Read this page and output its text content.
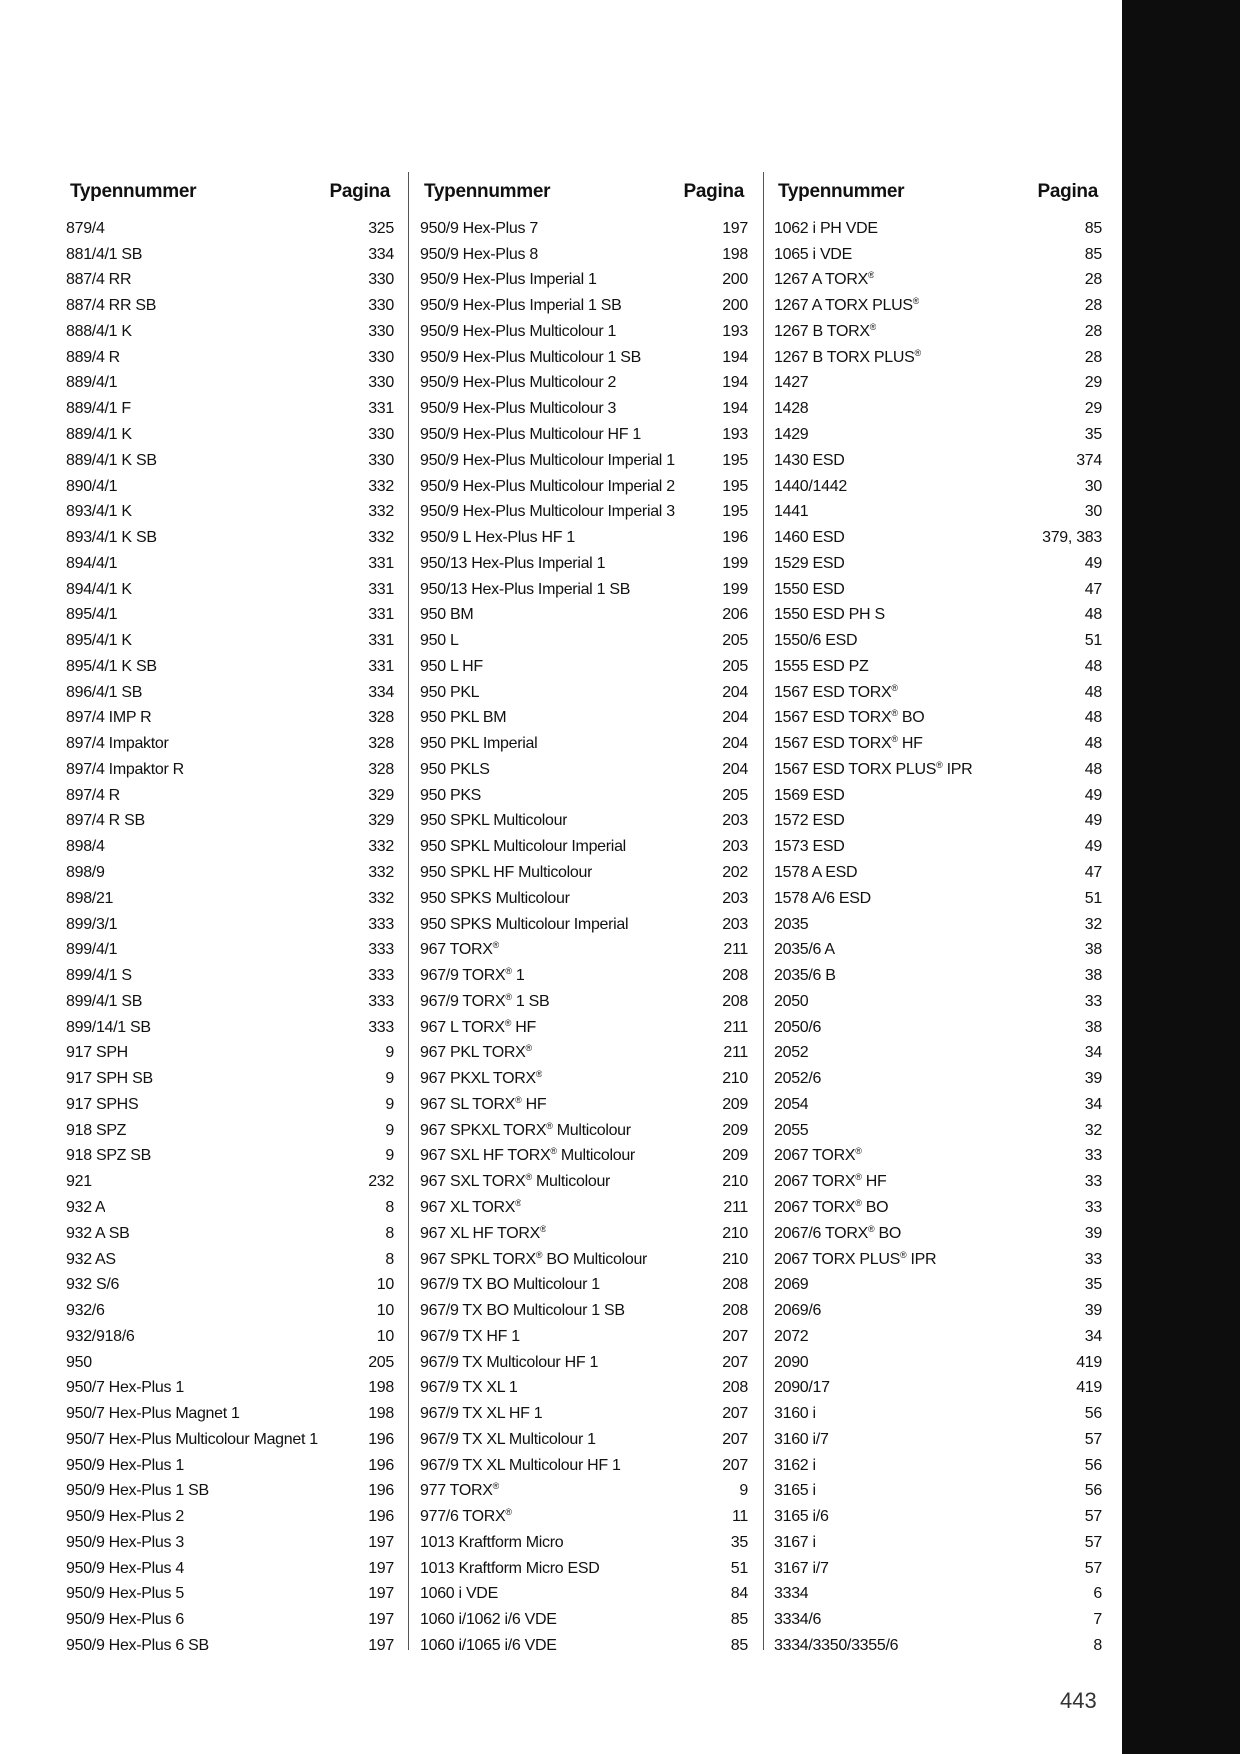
Typennummer	Pagina
879/4	325
881/4/1 SB	334
887/4 RR	330
887/4 RR SB	330
888/4/1 K	330
889/4 R	330
889/4/1	330
889/4/1 F	331
889/4/1 K	330
889/4/1 K SB	330
890/4/1	332
893/4/1 K	332
893/4/1 K SB	332
894/4/1	331
894/4/1 K	331
895/4/1	331
895/4/1 K	331
895/4/1 K SB	331
896/4/1 SB	334
897/4 IMP R	328
897/4 Impaktor	328
897/4 Impaktor R	328
897/4 R	329
897/4 R SB	329
898/4	332
898/9	332
898/21	332
899/3/1	333
899/4/1	333
899/4/1 S	333
899/4/1 SB	333
899/14/1 SB	333
917 SPH	9
917 SPH SB	9
917 SPHS	9
918 SPZ	9
918 SPZ SB	9
921	232
932 A	8
932 A SB	8
932 AS	8
932 S/6	10
932/6	10
932/918/6	10
950	205
950/7 Hex-Plus 1	198
950/7 Hex-Plus Magnet 1	198
950/7 Hex-Plus Multicolour Magnet 1	196
950/9 Hex-Plus 1	196
950/9 Hex-Plus 1 SB	196
950/9 Hex-Plus 2	196
950/9 Hex-Plus 3	197
950/9 Hex-Plus 4	197
950/9 Hex-Plus 5	197
950/9 Hex-Plus 6	197
950/9 Hex-Plus 6 SB	197
Typennummer	Pagina
950/9 Hex-Plus 7	197
950/9 Hex-Plus 8	198
950/9 Hex-Plus Imperial 1	200
950/9 Hex-Plus Imperial 1 SB	200
950/9 Hex-Plus Multicolour 1	193
950/9 Hex-Plus Multicolour 1 SB	194
950/9 Hex-Plus Multicolour 2	194
950/9 Hex-Plus Multicolour 3	194
950/9 Hex-Plus Multicolour HF 1	193
950/9 Hex-Plus Multicolour Imperial 1	195
950/9 Hex-Plus Multicolour Imperial 2	195
950/9 Hex-Plus Multicolour Imperial 3	195
950/9 L Hex-Plus HF 1	196
950/13 Hex-Plus Imperial 1	199
950/13 Hex-Plus Imperial 1 SB	199
950 BM	206
950 L	205
950 L HF	205
950 PKL	204
950 PKL BM	204
950 PKL Imperial	204
950 PKLS	204
950 PKS	205
950 SPKL Multicolour	203
950 SPKL Multicolour Imperial	203
950 SPKL HF Multicolour	202
950 SPKS Multicolour	203
950 SPKS Multicolour Imperial	203
967 TORX®	211
967/9 TORX® 1	208
967/9 TORX® 1 SB	208
967 L TORX® HF	211
967 PKL TORX®	211
967 PKXL TORX®	210
967 SL TORX® HF	209
967 SPKXL TORX® Multicolour	209
967 SXL HF TORX® Multicolour	209
967 SXL TORX® Multicolour	210
967 XL TORX®	211
967 XL HF TORX®	210
967 SPKL TORX® BO Multicolour	210
967/9 TX BO Multicolour 1	208
967/9 TX BO Multicolour 1 SB	208
967/9 TX HF 1	207
967/9 TX Multicolour HF 1	207
967/9 TX XL 1	208
967/9 TX XL HF 1	207
967/9 TX XL Multicolour 1	207
967/9 TX XL Multicolour HF 1	207
977 TORX®	9
977/6 TORX®	11
1013 Kraftform Micro	35
1013 Kraftform Micro ESD	51
1060 i VDE	84
1060 i/1062 i/6 VDE	85
1060 i/1065 i/6 VDE	85
Typennummer	Pagina
1062 i PH VDE	85
1065 i VDE	85
1267 A TORX®	28
1267 A TORX PLUS®	28
1267 B TORX®	28
1267 B TORX PLUS®	28
1427	29
1428	29
1429	35
1430 ESD	374
1440/1442	30
1441	30
1460 ESD	379, 383
1529 ESD	49
1550 ESD	47
1550 ESD PH S	48
1550/6 ESD	51
1555 ESD PZ	48
1567 ESD TORX®	48
1567 ESD TORX® BO	48
1567 ESD TORX® HF	48
1567 ESD TORX PLUS® IPR	48
1569 ESD	49
1572 ESD	49
1573 ESD	49
1578 A ESD	47
1578 A/6 ESD	51
2035	32
2035/6 A	38
2035/6 B	38
2050	33
2050/6	38
2052	34
2052/6	39
2054	34
2055	32
2067 TORX®	33
2067 TORX® HF	33
2067 TORX® BO	33
2067/6 TORX® BO	39
2067 TORX PLUS® IPR	33
2069	35
2069/6	39
2072	34
2090	419
2090/17	419
3160 i	56
3160 i/7	57
3162 i	56
3165 i	56
3165 i/6	57
3167 i	57
3167 i/7	57
3334	6
3334/6	7
3334/3350/3355/6	8
443
